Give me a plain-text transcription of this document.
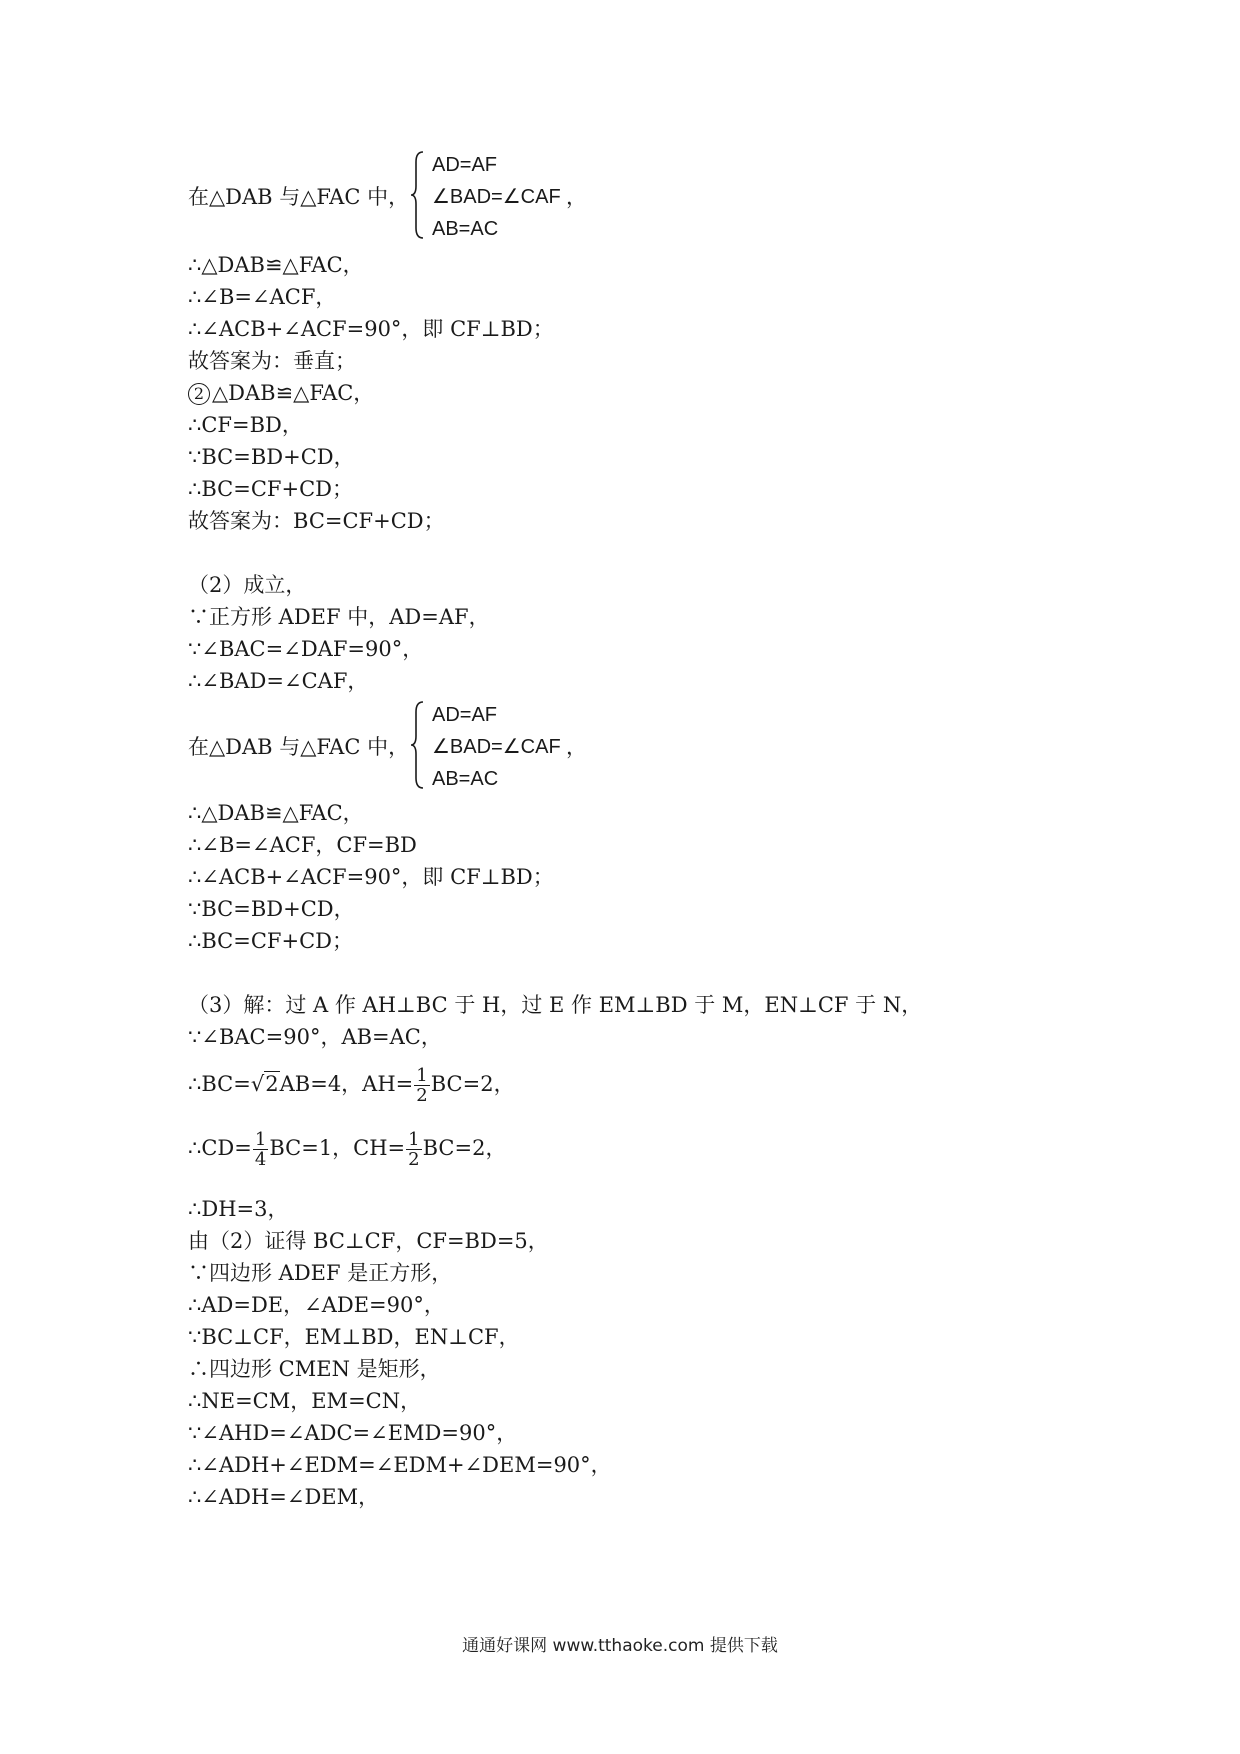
在△DAB 与△FAC 中，
AD=AF
∠BAD=∠CAF
AB=AC
，
∴△DAB≌△FAC，
∴∠B=∠ACF，
∴∠ACB+∠ACF=90°，即 CF⊥BD；
故答案为：垂直；
2 △DAB≌△FAC，
∴CF=BD，
∵BC=BD+CD，
∴BC=CF+CD；
故答案为：BC=CF+CD；
（2）成立，
∵正方形 ADEF 中，AD=AF，
∵∠BAC=∠DAF=90°，
∴∠BAD=∠CAF，
在△DAB 与△FAC 中，
AD=AF
∠BAD=∠CAF
AB=AC
，
∴△DAB≌△FAC，
∴∠B=∠ACF，CF=BD
∴∠ACB+∠ACF=90°，即 CF⊥BD；
∵BC=BD+CD，
∴BC=CF+CD；
（3）解：过 A 作 AH⊥BC 于 H，过 E 作 EM⊥BD 于 M，EN⊥CF 于 N，
∵∠BAC=90°，AB=AC，
∴BC=√2AB=4，$AH= \frac{1}{2} BC=2$，
∴CD= $\frac{1}{4} BC=1$，$CH= \frac{1}{2} BC=2$，
∴DH=3，
由（2）证得 BC⊥CF，CF=BD=5，
∵四边形 ADEF 是正方形，
∴AD=DE，∠ADE=90°，
∵BC⊥CF，EM⊥BD，EN⊥CF，
∴四边形 CMEN 是矩形，
∴NE=CM，EM=CN，
∵∠AHD=∠ADC=∠EMD=90°，
∴∠ADH+∠EDM=∠EDM+∠DEM=90°，
∴∠ADH=∠DEM，
通通好课网 www.tthaoke.com 提供下载
